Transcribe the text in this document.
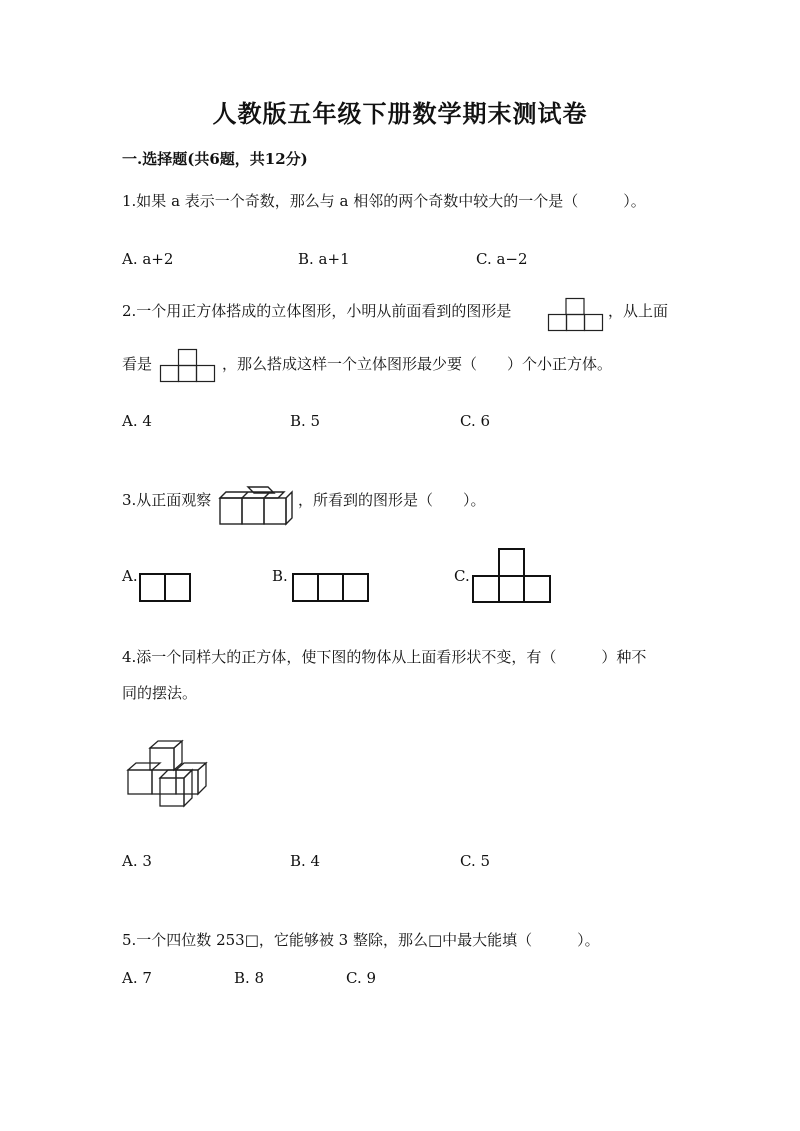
人教版五年级下册数学期末测试卷
一.选择题(共6题，共12分)
1.如果 a 表示一个奇数，那么与 a 相邻的两个奇数中较大的一个是（　　　）。
A. a+2	B. a+1	C. a−2
2.一个用正方体搭成的立体图形，小明从前面看到的图形是	，从上面
看是	，那么搭成这样一个立体图形最少要（　　）个小正方体。
A. 4	B. 5	C. 6
3.从正面观察	，所看到的图形是（　　）。
A.	B.	C.
4.添一个同样大的正方体，使下图的物体从上面看形状不变，有（　　　）种不
同的摆法。
A. 3	B. 4	C. 5
5.一个四位数 253□，它能够被 3 整除，那么□中最大能填（　　　）。
A. 7	B. 8	C. 9
